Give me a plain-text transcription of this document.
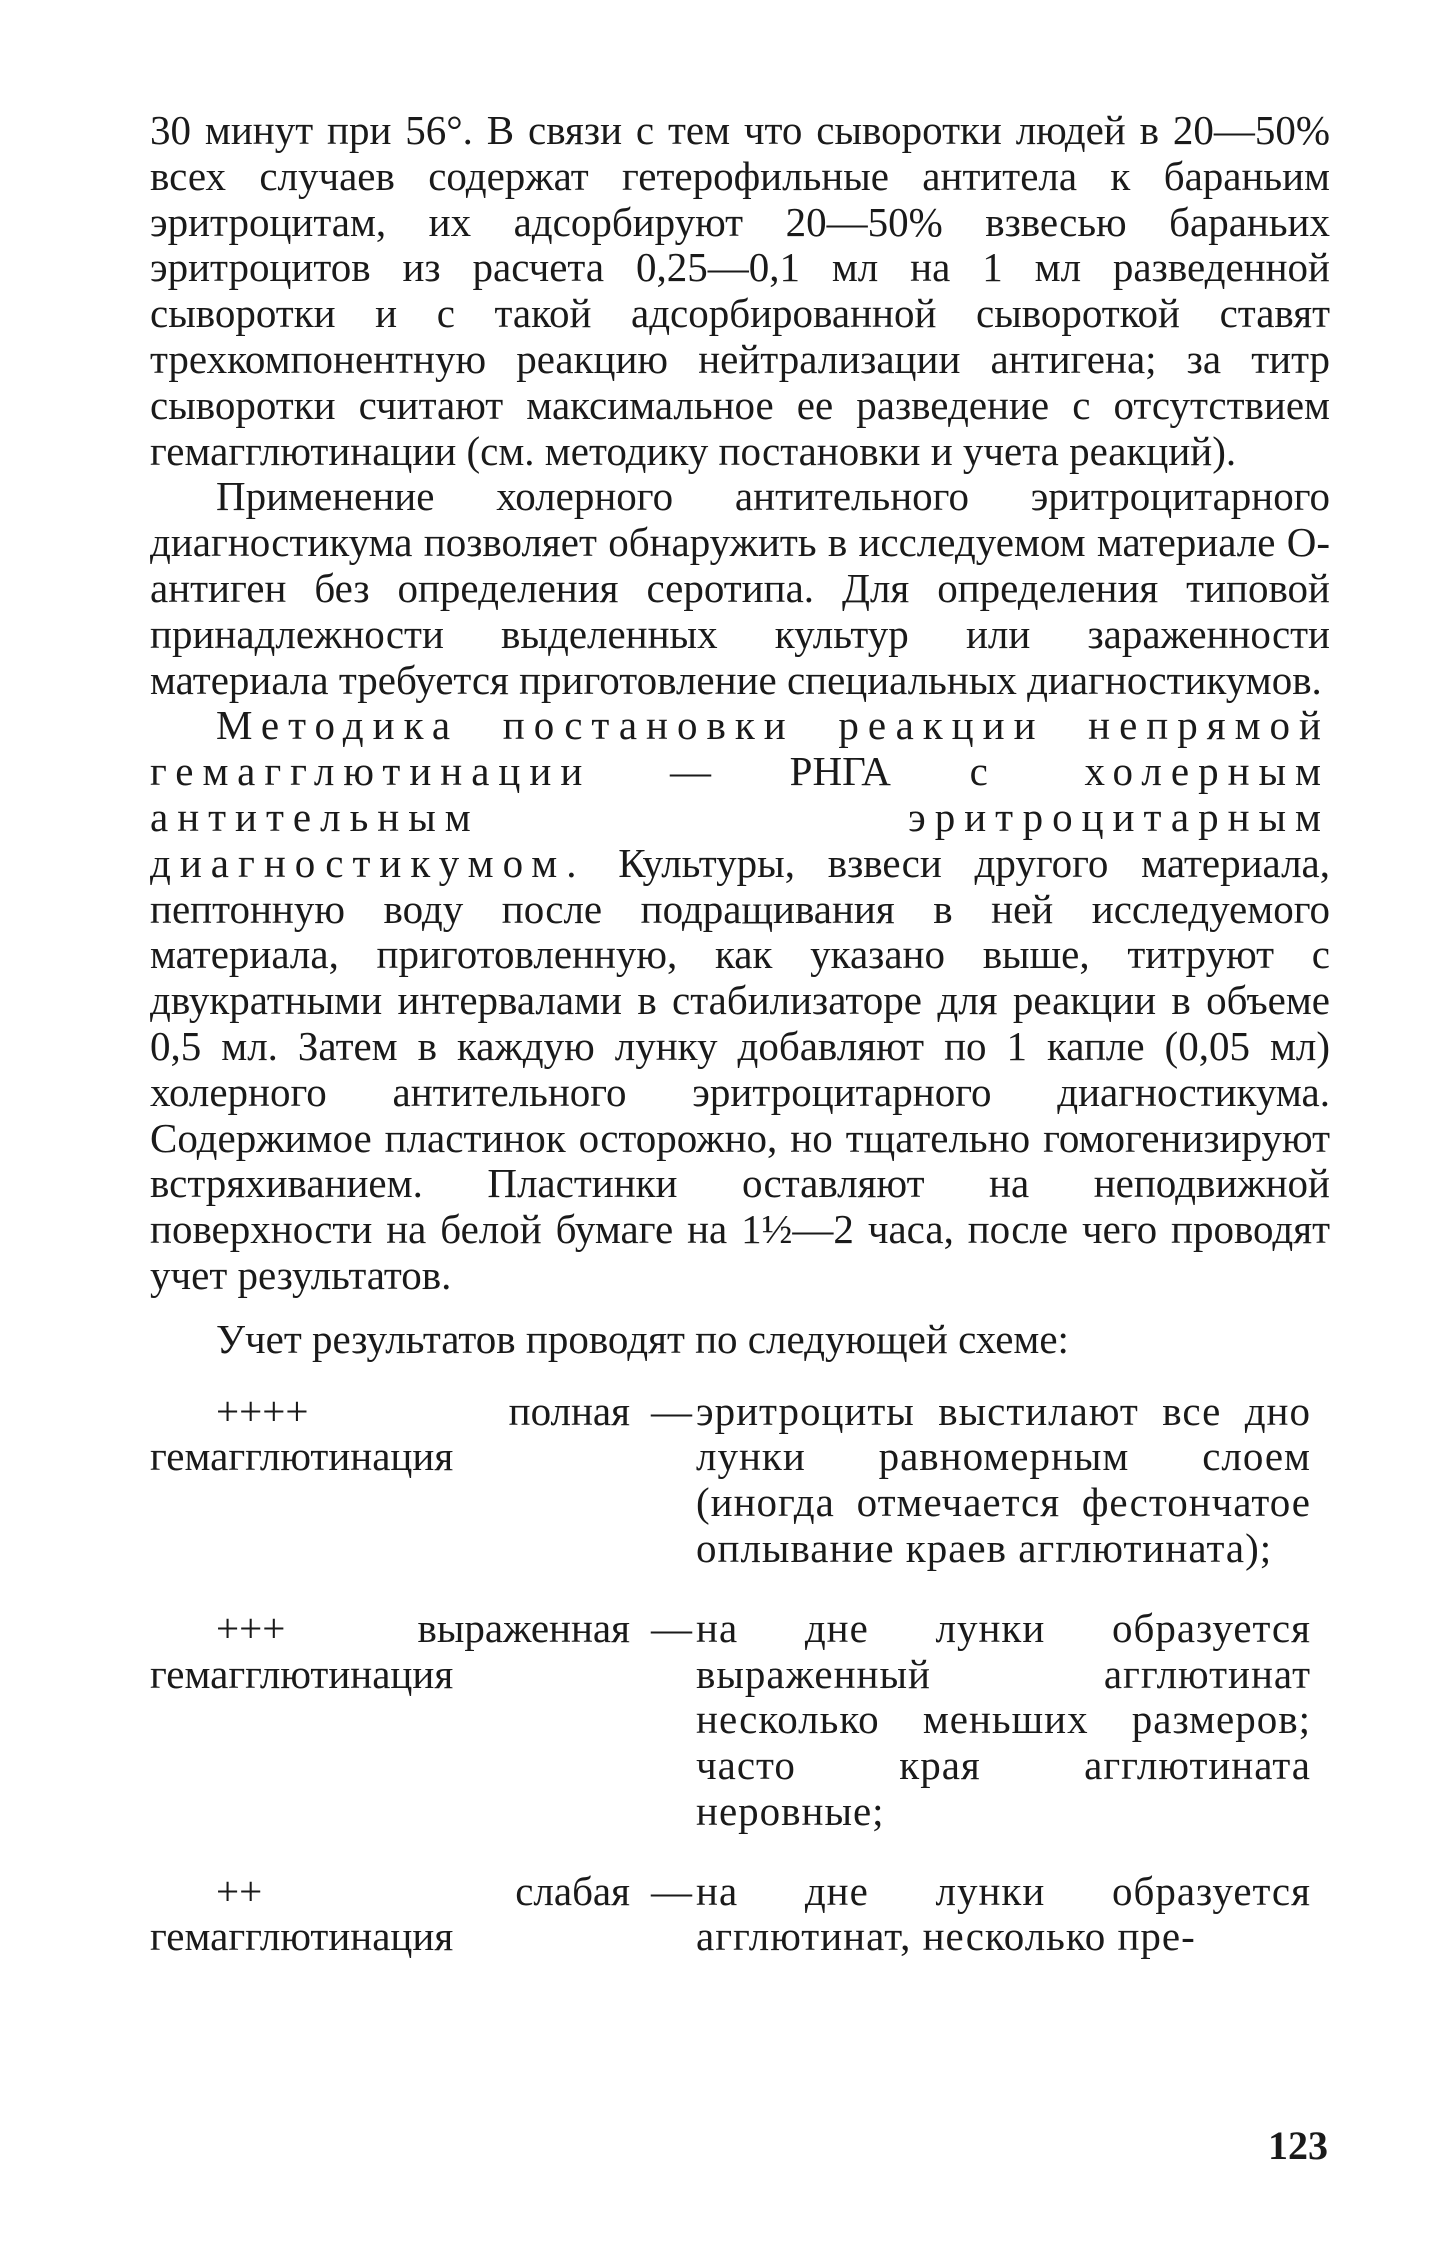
30 минут при 56°. В связи с тем что сыворотки людей в 20—50% всех случаев содержат гетерофильные антитела к бараньим эритроцитам, их адсорбируют 20—50% взвесью бараньих эритроцитов из расчета 0,25—0,1 мл на 1 мл разведенной сыворотки и с такой адсорбированной сывороткой ставят трехкомпонентную реакцию нейтрализации антигена; за титр сыворотки считают максимальное ее разведение с отсутствием гемагглютинации (см. методику постановки и учета реакций).

Применение холерного антительного эритроцитарного диагностикума позволяет обнаружить в исследуемом материале О-антиген без определения серотипа. Для определения типовой принадлежности выделенных культур или зараженности материала требуется приготовление специальных диагностикумов.

Методика постановки реакции непрямой гемагглютинации — РНГА с холерным антительным эритроцитарным диагностикумом. Культуры, взвеси другого материала, пептонную воду после подращивания в ней исследуемого материала, приготовленную, как указано выше, титруют с двукратными интервалами в стабилизаторе для реакции в объеме 0,5 мл. Затем в каждую лунку добавляют по 1 капле (0,05 мл) холерного антительного эритроцитарного диагностикума. Содержимое пластинок осторожно, но тщательно гомогенизируют встряхиванием. Пластинки оставляют на неподвижной поверхности на белой бумаге на 1½—2 часа, после чего проводят учет результатов.

Учет результатов проводят по следующей схеме:

++++ полная гемагглютинация
— эритроциты выстилают все дно лунки равномерным слоем (иногда отмечается фестончатое оплывание краев агглютината);
+++ выраженная гемагглютинация
— на дне лунки образуется выраженный агглютинат несколько меньших размеров; часто края агглютината неровные;
++ слабая гемагглютинация
— на дне лунки образуется агглютинат, несколько пре-
123
